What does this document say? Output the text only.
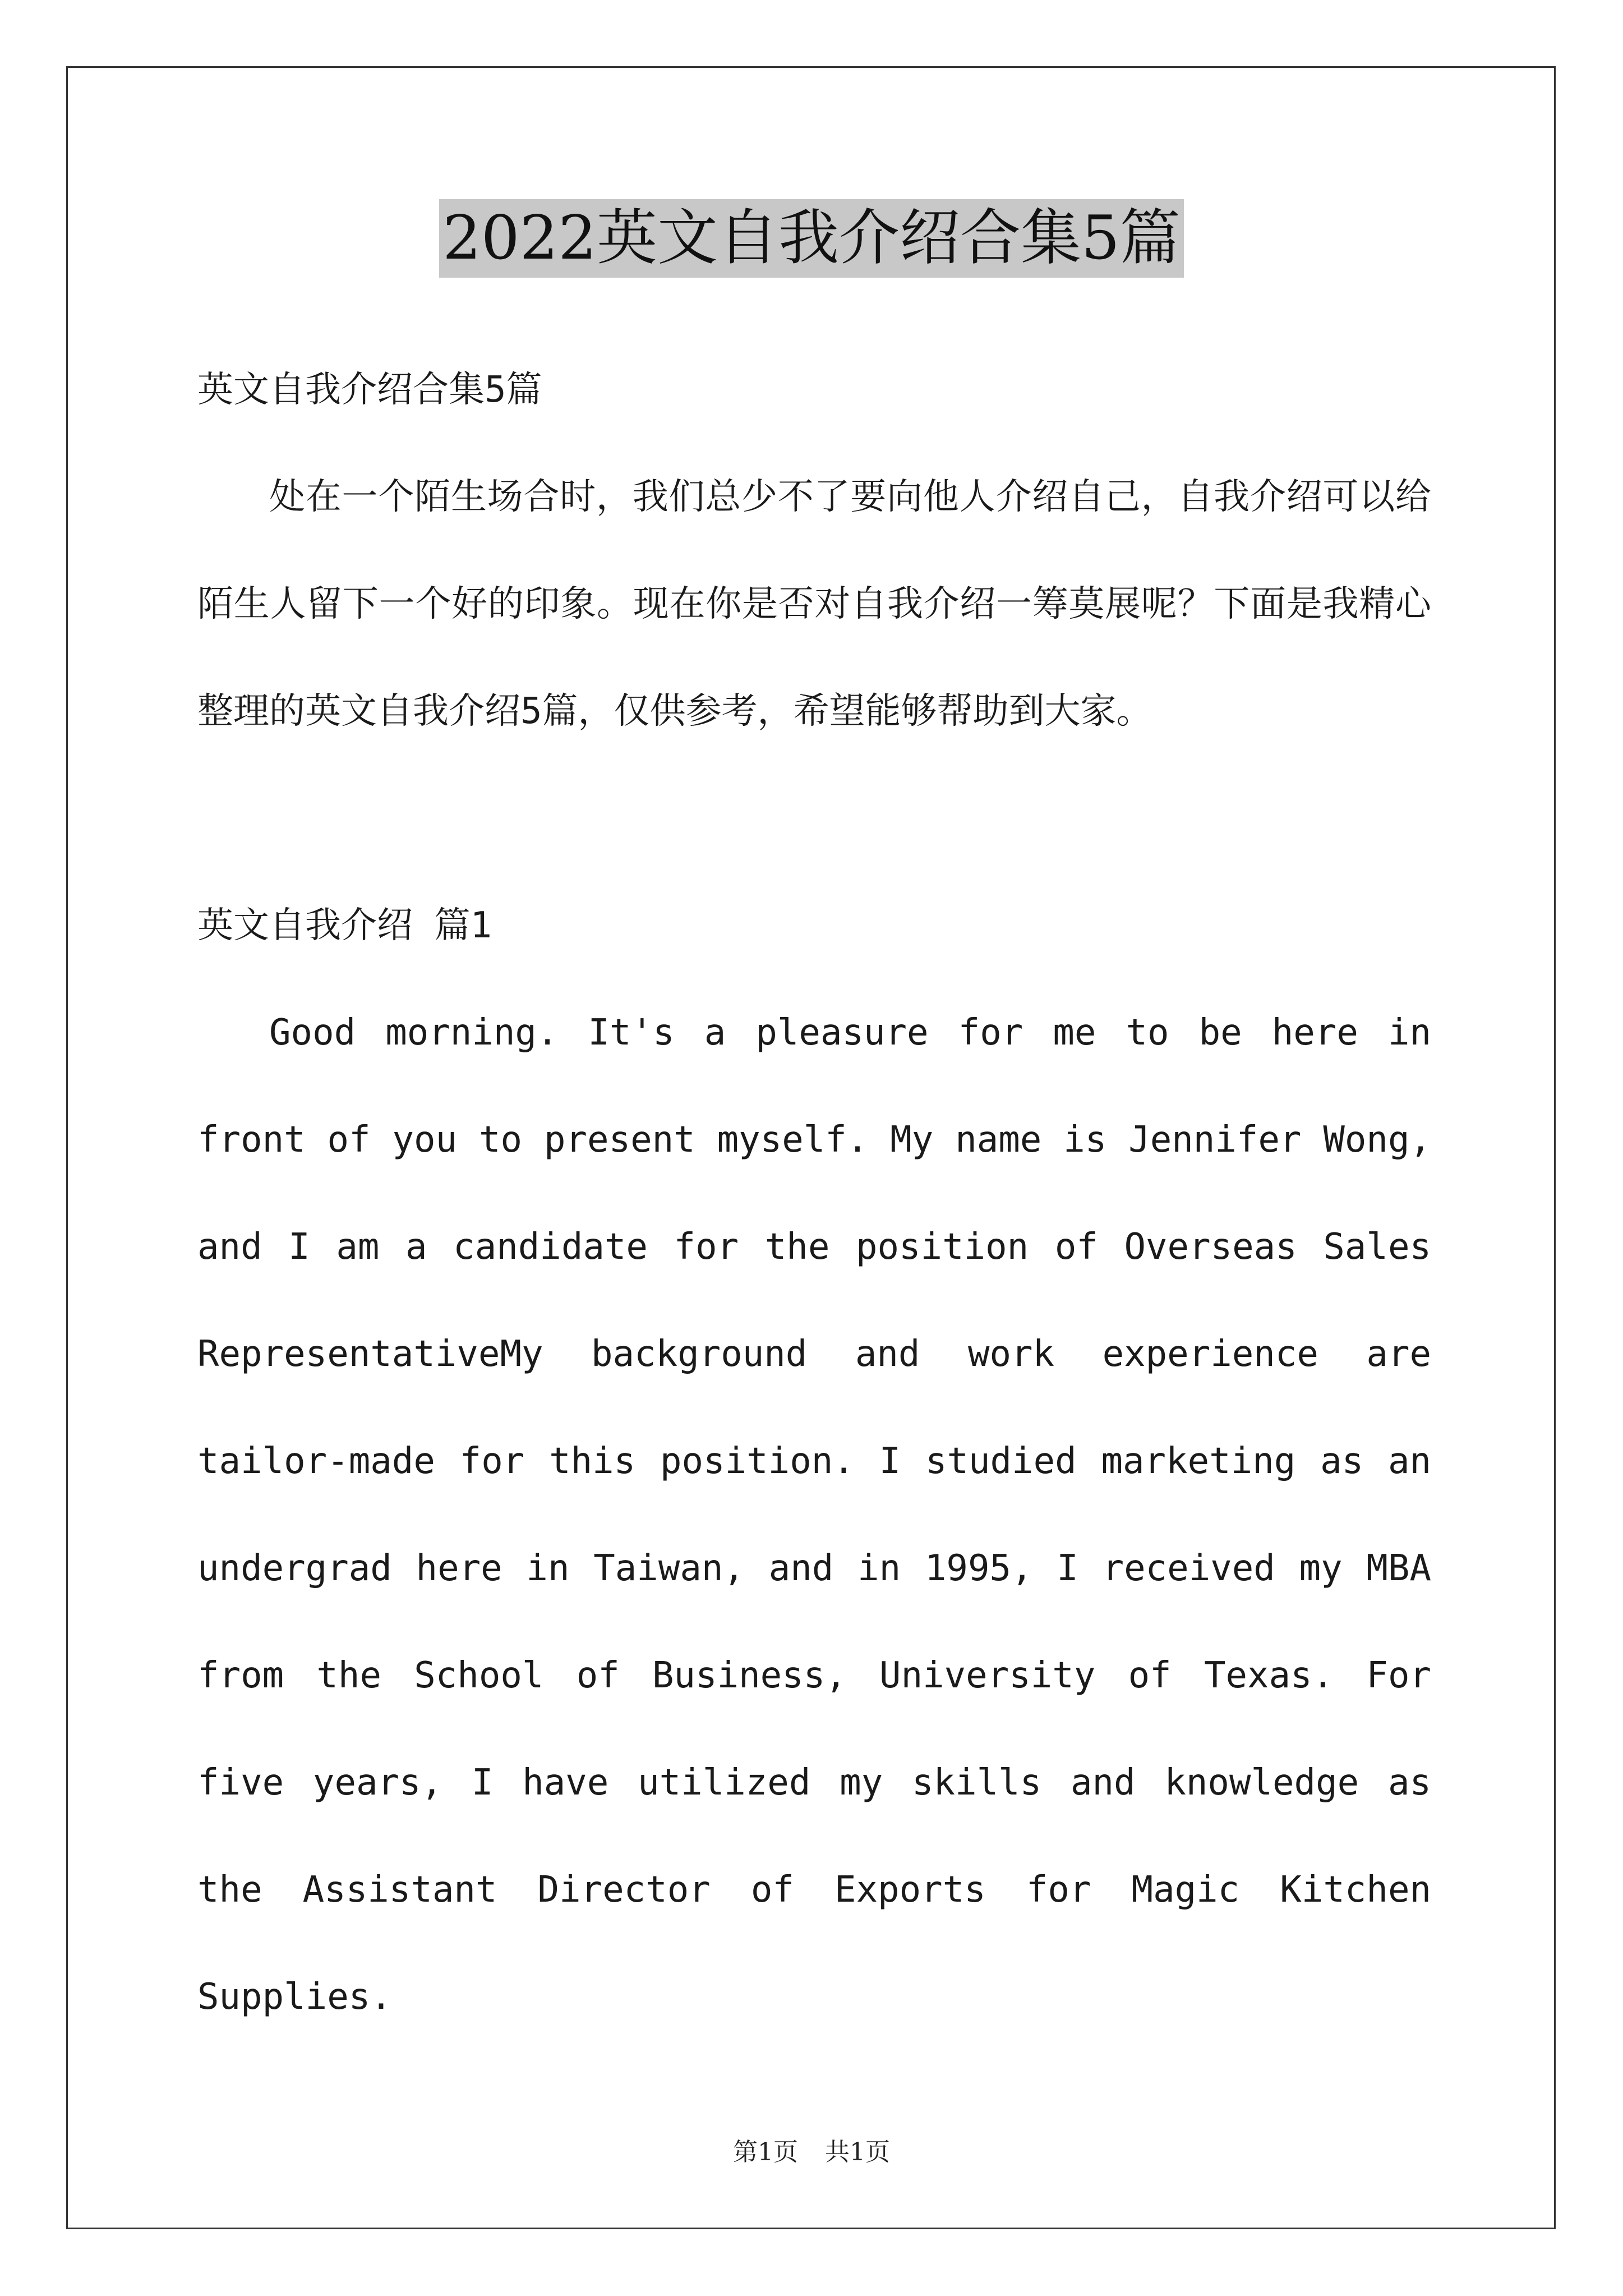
2022英文自我介绍合集5篇

英文自我介绍合集5篇

处在一个陌生场合时，我们总少不了要向他人介绍自己，自我介绍可以给陌生人留下一个好的印象。现在你是否对自我介绍一筹莫展呢？下面是我精心整理的英文自我介绍5篇，仅供参考，希望能够帮助到大家。

英文自我介绍 篇1

Good morning. It's a pleasure for me to be here in front of you to present myself. My name is Jennifer Wong, and I am a candidate for the position of Overseas Sales RepresentativeMy background and work experience are tailor-made for this position. I studied marketing as an undergrad here in Taiwan, and in 1995, I received my MBA from the School of Business, University of Texas. For five years, I have utilized my skills and knowledge as the Assistant Director of Exports for Magic Kitchen Supplies.

第1页 共1页
